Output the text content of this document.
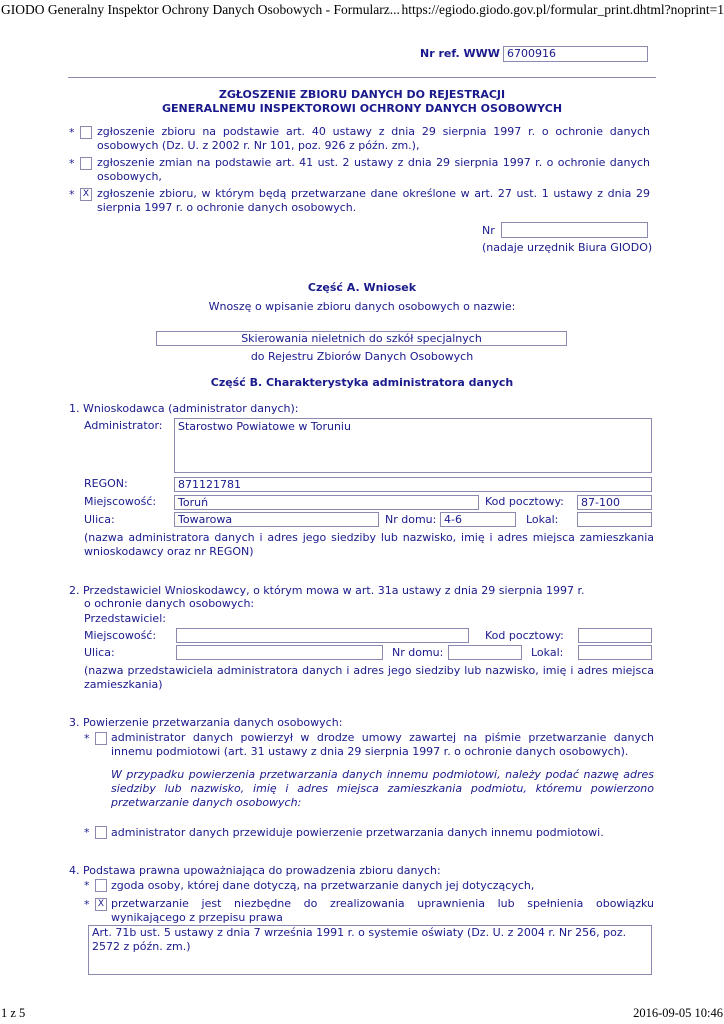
GIODO Generalny Inspektor Ochrony Danych Osobowych - Formularz... https://egiodo.giodo.gov.pl/formular_print.dhtml?noprint=1
Nr ref. WWW 6700916
ZGŁOSZENIE ZBIORU DANYCH DO REJESTRACJI
GENERALNEMU INSPEKTOROWI OCHRONY DANYCH OSOBOWYCH
* zgłoszenie zbioru na podstawie art. 40 ustawy z dnia 29 sierpnia 1997 r. o ochronie danych osobowych (Dz. U. z 2002 r. Nr 101, poz. 926 z późn. zm.),
* zgłoszenie zmian na podstawie art. 41 ust. 2 ustawy z dnia 29 sierpnia 1997 r. o ochronie danych osobowych,
* X zgłoszenie zbioru, w którym będą przetwarzane dane określone w art. 27 ust. 1 ustawy z dnia 29 sierpnia 1997 r. o ochronie danych osobowych.
Nr
(nadaje urzędnik Biura GIODO)
Część A. Wniosek
Wnoszę o wpisanie zbioru danych osobowych o nazwie:
Skierowania nieletnich do szkół specjalnych
do Rejestru Zbiorów Danych Osobowych
Część B. Charakterystyka administratora danych
1. Wnioskodawca (administrator danych):
Administrator:	Starostwo Powiatowe w Toruniu
REGON:	871121781
Miejscowość:	Toruń	Kod pocztowy:	87-100
Ulica:	Towarowa	Nr domu: 4-6	Lokal:
(nazwa administratora danych i adres jego siedziby lub nazwisko, imię i adres miejsca zamieszkania wnioskodawcy oraz nr REGON)
2. Przedstawiciel Wnioskodawcy, o którym mowa w art. 31a ustawy z dnia 29 sierpnia 1997 r.
o ochronie danych osobowych:
Przedstawiciel:
Miejscowość:	Kod pocztowy:
Ulica:	Nr domu:	Lokal:
(nazwa przedstawiciela administratora danych i adres jego siedziby lub nazwisko, imię i adres miejsca zamieszkania)
3. Powierzenie przetwarzania danych osobowych:
* administrator danych powierzył w drodze umowy zawartej na piśmie przetwarzanie danych innemu podmiotowi (art. 31 ustawy z dnia 29 sierpnia 1997 r. o ochronie danych osobowych).
W przypadku powierzenia przetwarzania danych innemu podmiotowi, należy podać nazwę adres siedziby lub nazwisko, imię i adres miejsca zamieszkania podmiotu, któremu powierzono przetwarzanie danych osobowych:
* administrator danych przewiduje powierzenie przetwarzania danych innemu podmiotowi.
4. Podstawa prawna upoważniająca do prowadzenia zbioru danych:
* zgoda osoby, której dane dotyczą, na przetwarzanie danych jej dotyczących,
* X przetwarzanie jest niezbędne do zrealizowania uprawnienia lub spełnienia obowiązku wynikającego z przepisu prawa
Art. 71b ust. 5 ustawy z dnia 7 września 1991 r. o systemie oświaty (Dz. U. z 2004 r. Nr 256, poz. 2572 z późn. zm.)
1 z 5	2016-09-05 10:46
